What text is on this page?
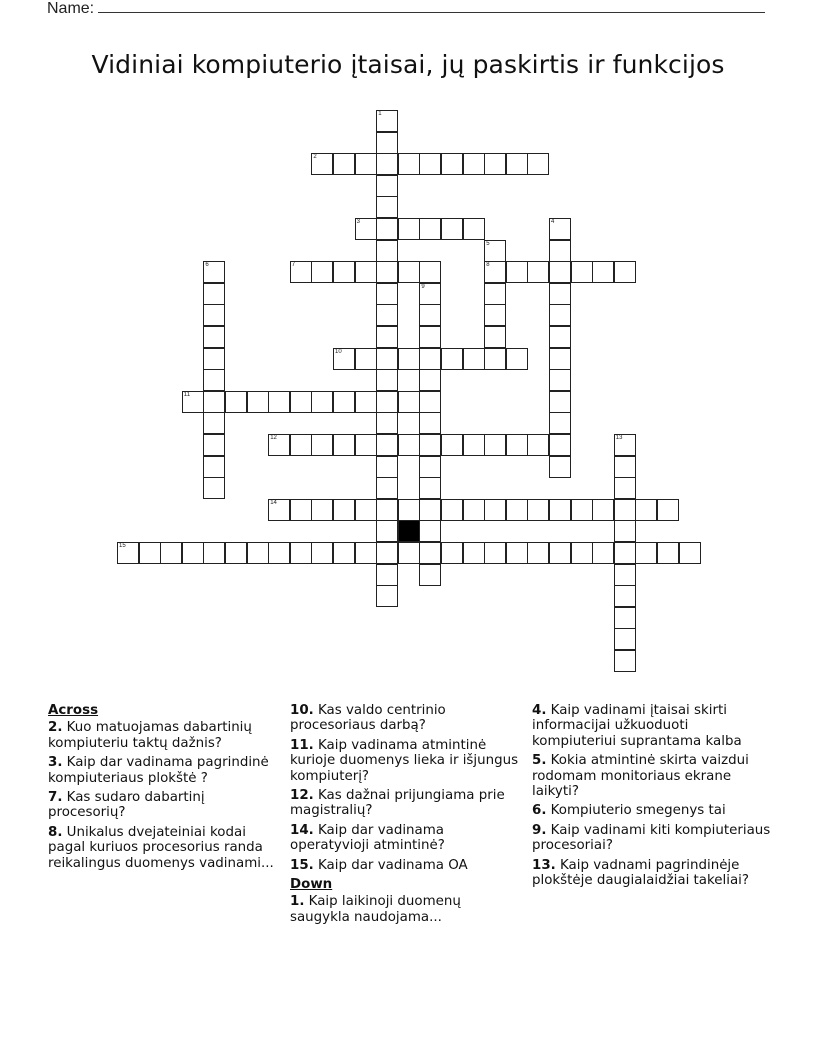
Name:
Vidiniai kompiuterio įtaisai, jų paskirtis ir funkcijos
1
2
3	4
5
8
6	7
9
10
11
12	13
14
15
Across
2. Kuo matuojamas dabartinių kompiuteriu taktų dažnis?
3. Kaip dar vadinama pagrindinė kompiuteriaus plokštė ?
7. Kas sudaro dabartinį procesorių?
8. Unikalus dvejateiniai kodai pagal kuriuos procesorius randa reikalingus duomenys vadinami...
10. Kas valdo centrinio procesoriaus darbą?
11. Kaip vadinama atmintinė kurioje duomenys lieka ir išjungus kompiuterį?
12. Kas dažnai prijungiama prie magistralių?
14. Kaip dar vadinama operatyvioji atmintinė?
15. Kaip dar vadinama OA
Down
1. Kaip laikinoji duomenų saugykla naudojama...
4. Kaip vadinami įtaisai skirti informacijai užkuoduoti kompiuteriui suprantama kalba
5. Kokia atmintinė skirta vaizdui rodomam monitoriaus ekrane laikyti?
6. Kompiuterio smegenys tai
9. Kaip vadinami kiti kompiuteriaus procesoriai?
13. Kaip vadnami pagrindinėje plokštėje daugialaidžiai takeliai?
